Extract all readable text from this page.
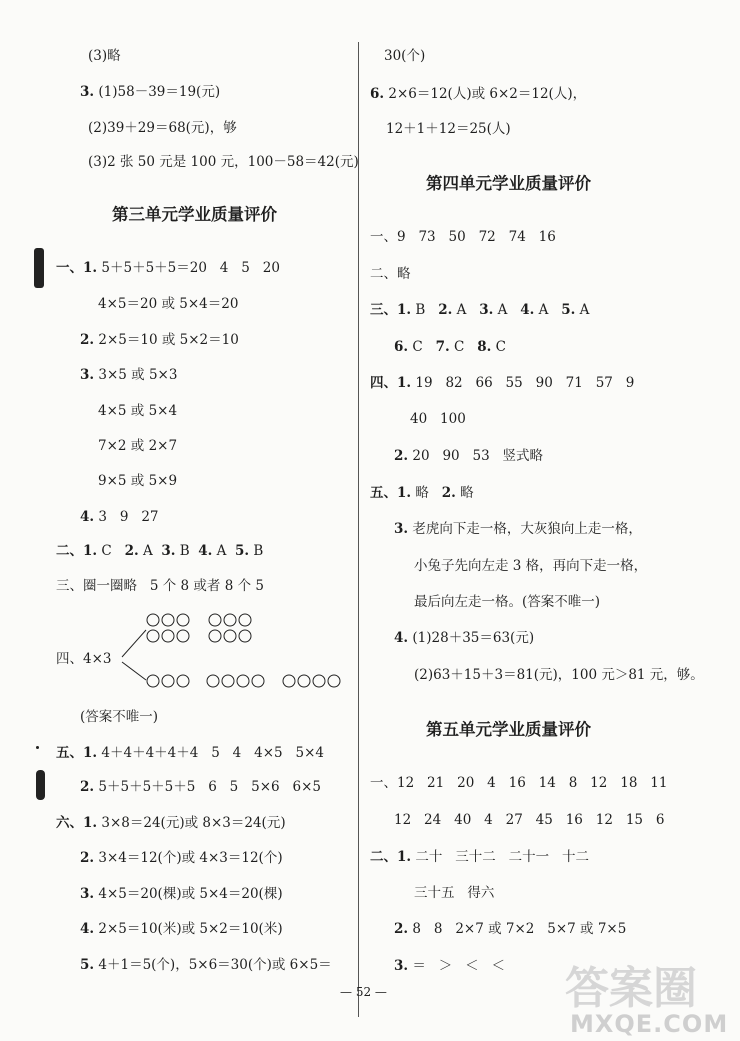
(3)略
3. (1)58－39＝19(元)
(2)39＋29＝68(元)，够
(3)2 张 50 元是 100 元，100－58＝42(元)
第三单元学业质量评价
一、1. 5＋5＋5＋5＝20   4   5   20
4×5＝20 或 5×4＝20
2. 2×5＝10 或 5×2＝10
3. 3×5 或 5×3
4×5 或 5×4
7×2 或 2×7
9×5 或 5×9
4. 3   9   27
二、1. C 2. A 3. B 4. A 5. B
三、圈一圈略   5 个 8 或者 8 个 5
四、4×3
(答案不唯一)
五、1. 4＋4＋4＋4＋4   5   4   4×5   5×4
2. 5＋5＋5＋5＋5   6   5   5×6   6×5
六、1. 3×8＝24(元)或 8×3＝24(元)
2. 3×4＝12(个)或 4×3＝12(个)
3. 4×5＝20(棵)或 5×4＝20(棵)
4. 2×5＝10(米)或 5×2＝10(米)
5. 4＋1＝5(个)，5×6＝30(个)或 6×5＝
30(个)
6. 2×6＝12(人)或 6×2＝12(人)，
12＋1＋12＝25(人)
第四单元学业质量评价
一、9   73   50   72   74   16
二、略
三、1. B   2. A   3. A   4. A   5. A
6. C   7. C   8. C
四、1. 19   82   66   55   90   71   57   9
40   100
2. 20   90   53   竖式略
五、1. 略   2. 略
3. 老虎向下走一格，大灰狼向上走一格，
小兔子先向左走 3 格，再向下走一格，
最后向左走一格。(答案不唯一)
4. (1)28＋35＝63(元)
(2)63＋15＋3＝81(元)，100 元＞81 元，够。
第五单元学业质量评价
一、12   21   20   4   16   14   8   12   18   11
12   24   40   4   27   45   16   12   15   6
二、1. 二十   三十二   二十一   十二
三十五   得六
2. 8   8   2×7 或 7×2   5×7 或 7×5
3. ＝   ＞   ＜   ＜
— 52 —	答案圈
MXQE.COM
